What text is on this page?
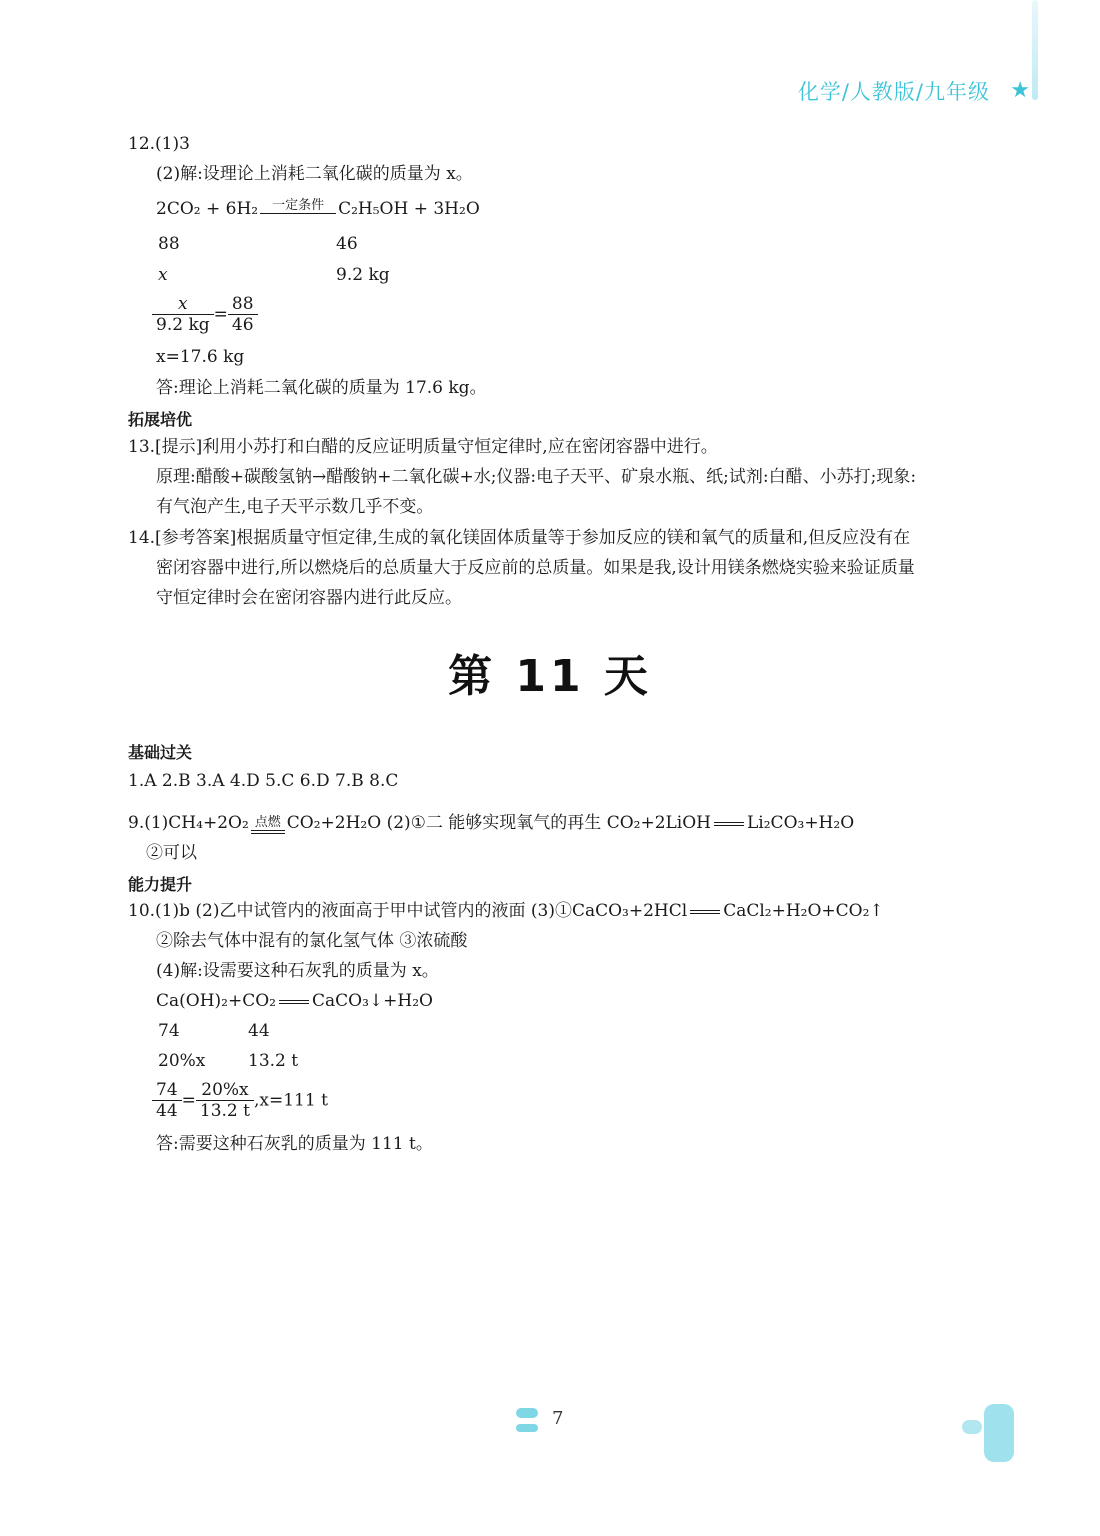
化学/人教版/九年级 ★
12.(1)3
(2)解:设理论上消耗二氧化碳的质量为 x。
2CO₂ + 6H₂	一定条件 C₂H₅OH + 3H₂O
88	46
x	9.2 kg
$\frac{x}{9.2 kg} = \frac{88}{46}$
x=17.6 kg
答:理论上消耗二氧化碳的质量为 17.6 kg。
拓展培优
13.[提示]利用小苏打和白醋的反应证明质量守恒定律时,应在密闭容器中进行。
原理:醋酸+碳酸氢钠→醋酸钠+二氧化碳+水;仪器:电子天平、矿泉水瓶、纸;试剂:白醋、小苏打;现象:
有气泡产生,电子天平示数几乎不变。
14.[参考答案]根据质量守恒定律,生成的氧化镁固体质量等于参加反应的镁和氧气的质量和,但反应没有在
密闭容器中进行,所以燃烧后的总质量大于反应前的总质量。如果是我,设计用镁条燃烧实验来验证质量
守恒定律时会在密闭容器内进行此反应。
第 11 天
基础过关
1.A 2.B 3.A 4.D 5.C 6.D 7.B 8.C
9.(1)CH₄+2O₂ 点燃 CO₂+2H₂O (2)①二 能够实现氧气的再生 CO₂+2LiOH Li₂CO₃+H₂O
②可以
能力提升
10.(1)b (2)乙中试管内的液面高于甲中试管内的液面 (3)①CaCO₃+2HCl CaCl₂+H₂O+CO₂↑
②除去气体中混有的氯化氢气体 ③浓硫酸
(4)解:设需要这种石灰乳的质量为 x。
Ca(OH)₂+CO₂ CaCO₃↓+H₂O
74	44
20%x	13.2 t
$\frac{74}{44} = \frac{20\%x}{13.2 t} ,x=111$ t
答:需要这种石灰乳的质量为 111 t。
7
